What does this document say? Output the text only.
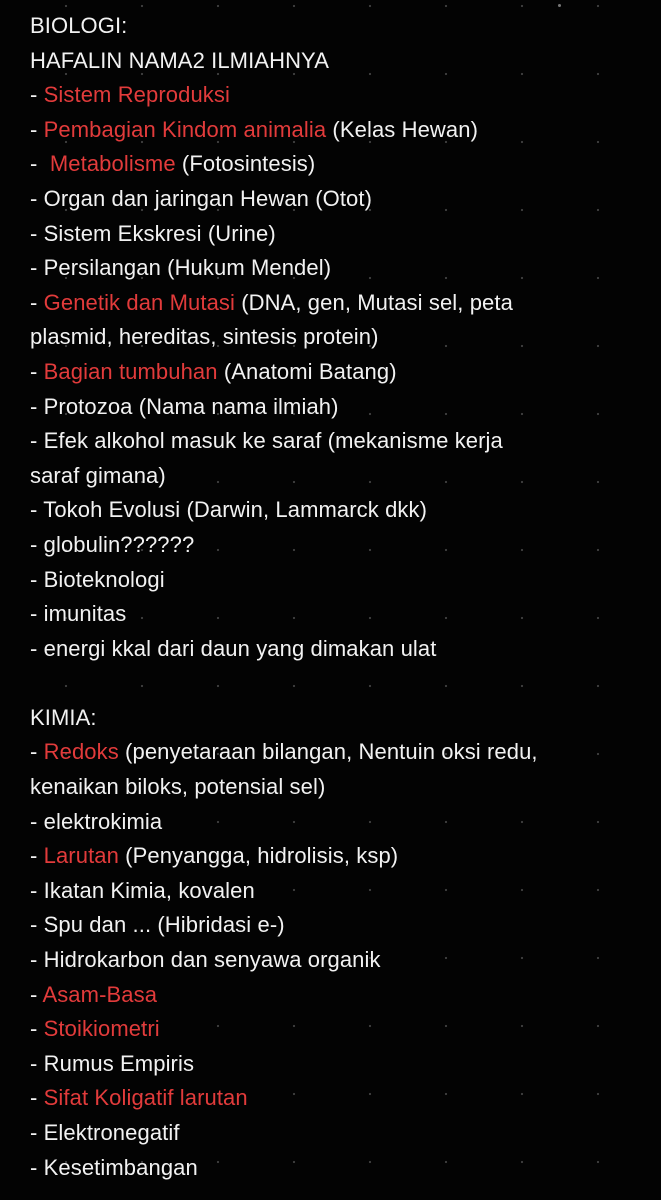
BIOLOGI:
HAFALIN NAMA2 ILMIAHNYA
- Sistem Reproduksi
- Pembagian Kindom animalia (Kelas Hewan)
-  Metabolisme (Fotosintesis)
- Organ dan jaringan Hewan (Otot)
- Sistem Ekskresi (Urine)
- Persilangan (Hukum Mendel)
- Genetik dan Mutasi (DNA, gen, Mutasi sel, peta
plasmid, hereditas, sintesis protein)
- Bagian tumbuhan (Anatomi Batang)
- Protozoa (Nama nama ilmiah)
- Efek alkohol masuk ke saraf (mekanisme kerja
saraf gimana)
- Tokoh Evolusi (Darwin, Lammarck dkk)
- globulin??????
- Bioteknologi
- imunitas
- energi kkal dari daun yang dimakan ulat
KIMIA:
- Redoks (penyetaraan bilangan, Nentuin oksi redu,
kenaikan biloks, potensial sel)
- elektrokimia
- Larutan (Penyangga, hidrolisis, ksp)
- Ikatan Kimia, kovalen
- Spu dan ... (Hibridasi e-)
- Hidrokarbon dan senyawa organik
- Asam-Basa
- Stoikiometri
- Rumus Empiris
- Sifat Koligatif larutan
- Elektronegatif
- Kesetimbangan
